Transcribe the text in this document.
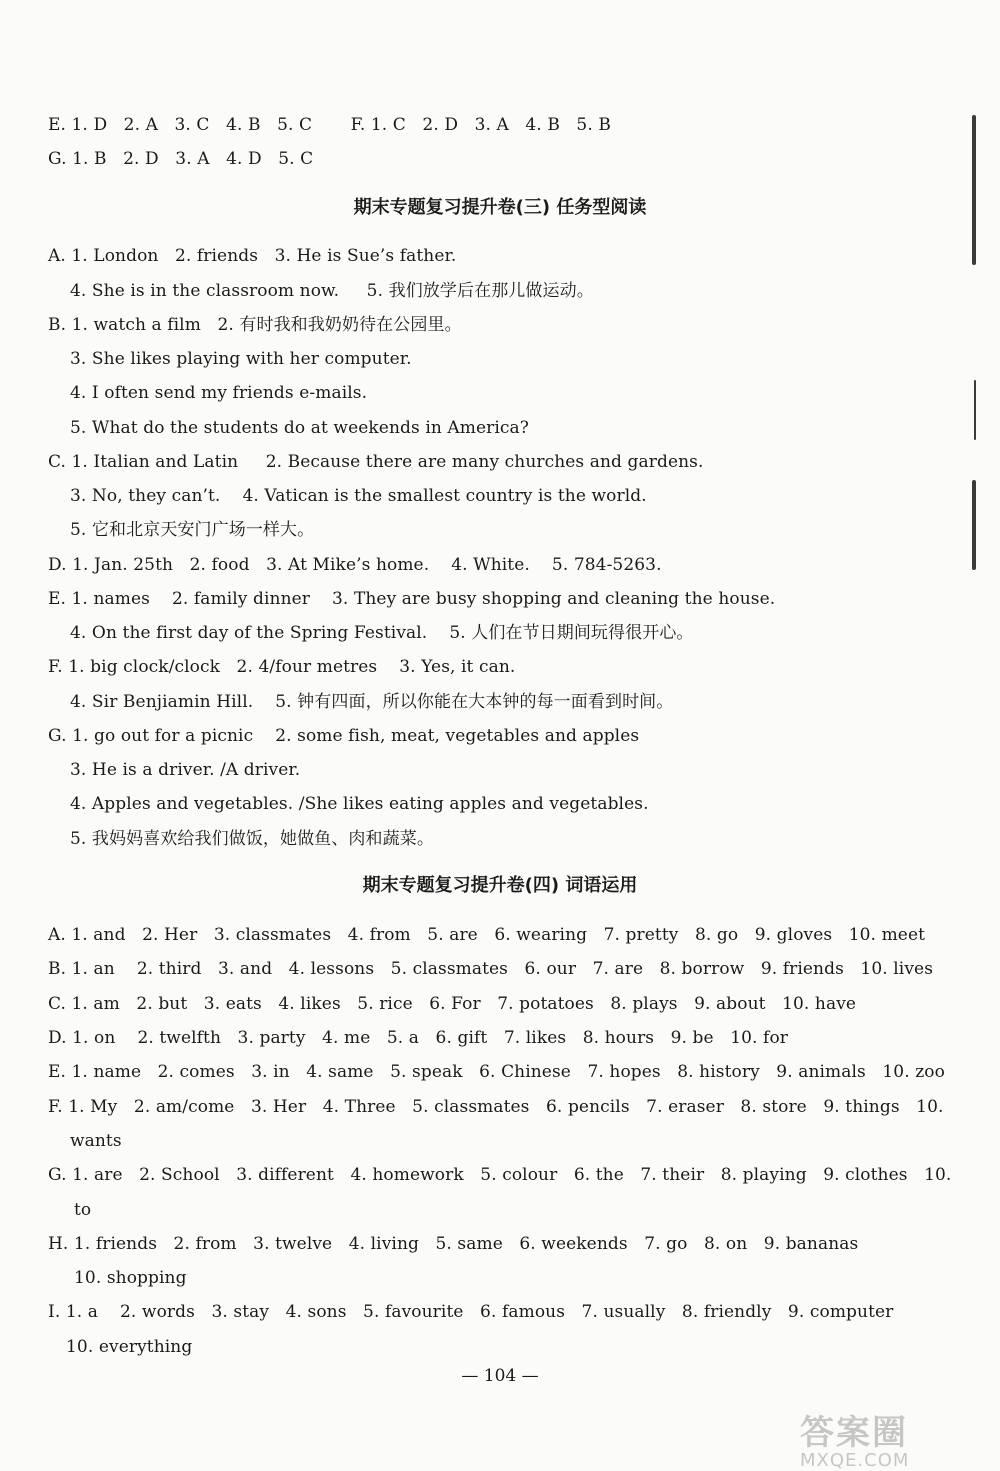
E. 1. D   2. A   3. C   4. B   5. C       F. 1. C   2. D   3. A   4. B   5. B
G. 1. B   2. D   3. A   4. D   5. C
期末专题复习提升卷(三) 任务型阅读
A. 1. London   2. friends   3. He is Sue’s father.
4. She is in the classroom now.     5. 我们放学后在那儿做运动。
B. 1. watch a film   2. 有时我和我奶奶待在公园里。
3. She likes playing with her computer.
4. I often send my friends e-mails.
5. What do the students do at weekends in America?
C. 1. Italian and Latin     2. Because there are many churches and gardens.
3. No, they can’t.    4. Vatican is the smallest country is the world.
5. 它和北京天安门广场一样大。
D. 1. Jan. 25th   2. food   3. At Mike’s home.    4. White.    5. 784-5263.
E. 1. names    2. family dinner    3. They are busy shopping and cleaning the house.
4. On the first day of the Spring Festival.    5. 人们在节日期间玩得很开心。
F. 1. big clock/clock   2. 4/four metres    3. Yes, it can.
4. Sir Benjiamin Hill.    5. 钟有四面，所以你能在大本钟的每一面看到时间。
G. 1. go out for a picnic    2. some fish, meat, vegetables and apples
3. He is a driver. /A driver.
4. Apples and vegetables. /She likes eating apples and vegetables.
5. 我妈妈喜欢给我们做饭，她做鱼、肉和蔬菜。
期末专题复习提升卷(四) 词语运用
A. 1. and   2. Her   3. classmates   4. from   5. are   6. wearing   7. pretty   8. go   9. gloves   10. meet
B. 1. an    2. third   3. and   4. lessons   5. classmates   6. our   7. are   8. borrow   9. friends   10. lives
C. 1. am   2. but   3. eats   4. likes   5. rice   6. For   7. potatoes   8. plays   9. about   10. have
D. 1. on    2. twelfth   3. party   4. me   5. a   6. gift   7. likes   8. hours   9. be   10. for
E. 1. name   2. comes   3. in   4. same   5. speak   6. Chinese   7. hopes   8. history   9. animals   10. zoo
F. 1. My   2. am/come   3. Her   4. Three   5. classmates   6. pencils   7. eraser   8. store   9. things   10.
wants
G. 1. are   2. School   3. different   4. homework   5. colour   6. the   7. their   8. playing   9. clothes   10.
to
H. 1. friends   2. from   3. twelve   4. living   5. same   6. weekends   7. go   8. on   9. bananas
10. shopping
I. 1. a    2. words   3. stay   4. sons   5. favourite   6. famous   7. usually   8. friendly   9. computer
10. everything
— 104 —
答案圈
MXQE.COM
